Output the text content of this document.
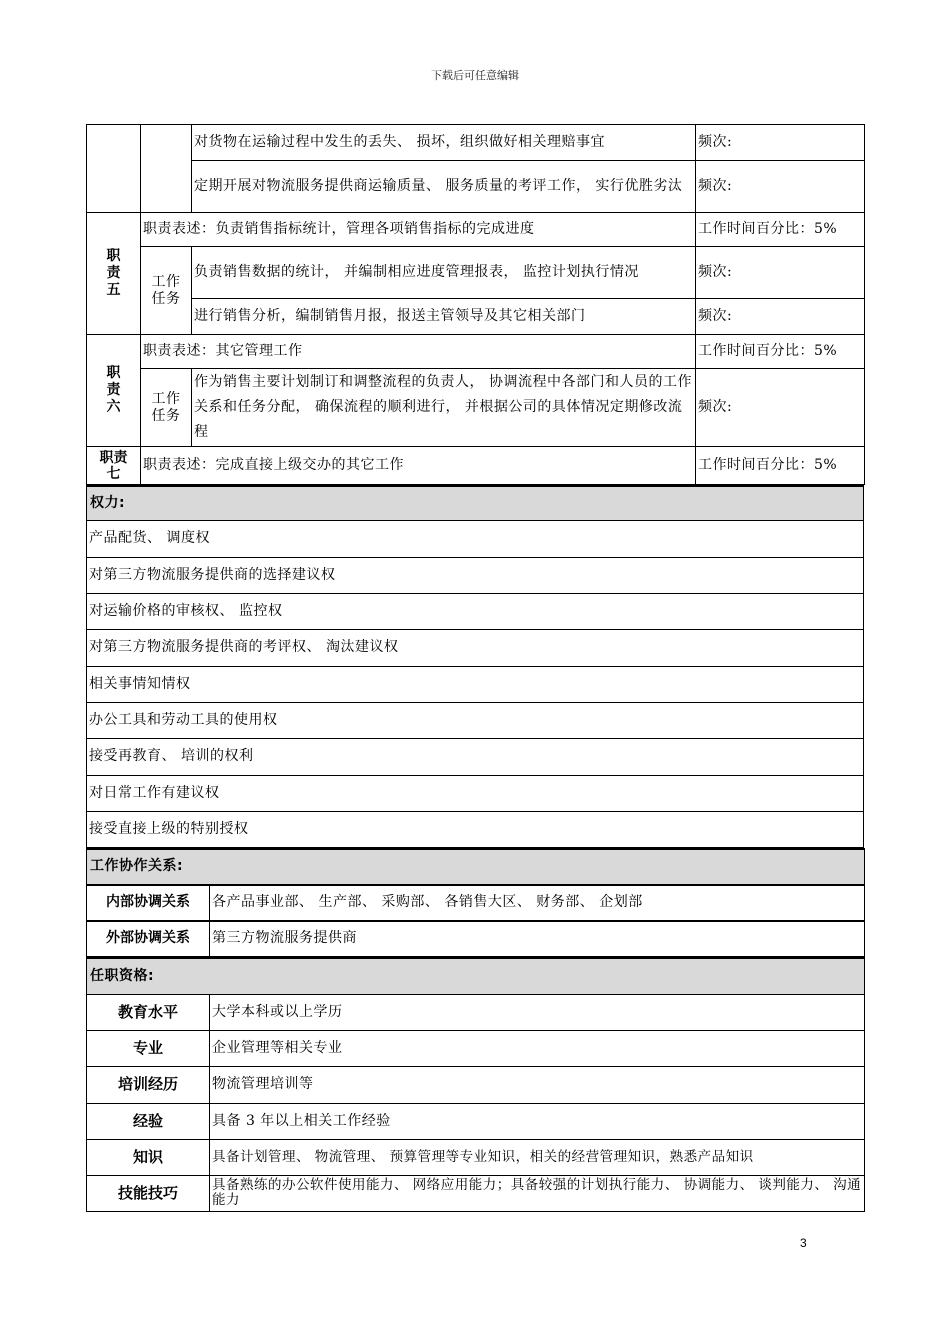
下载后可任意编辑
		对货物在运输过程中发生的丢失、 损坏，组织做好相关理赔事宜	频次:
		定期开展对物流服务提供商运输质量、 服务质量的考评工作， 实行优胜劣汰	频次:
职责五	职责表述：负责销售指标统计，管理各项销售指标的完成进度		工作时间百分比：5%
	工作任务	负责销售数据的统计， 并编制相应进度管理报表， 监控计划执行情况	频次:
		进行销售分析，编制销售月报，报送主管领导及其它相关部门	频次:
职责六	职责表述：其它管理工作		工作时间百分比：5%
	工作任务	作为销售主要计划制订和调整流程的负责人， 协调流程中各部门和人员的工作关系和任务分配， 确保流程的顺利进行， 并根据公司的具体情况定期修改流程	频次:
职责七	职责表述：完成直接上级交办的其它工作		工作时间百分比：5%
权力:
产品配货、 调度权
对第三方物流服务提供商的选择建议权
对运输价格的审核权、 监控权
对第三方物流服务提供商的考评权、 淘汰建议权
相关事情知情权
办公工具和劳动工具的使用权
接受再教育、 培训的权利
对日常工作有建议权
接受直接上级的特别授权
工作协作关系:	
内部协调关系	各产品事业部、 生产部、 采购部、 各销售大区、 财务部、 企划部
外部协调关系	第三方物流服务提供商
任职资格:	
教育水平	大学本科或以上学历
专业	企业管理等相关专业
培训经历	物流管理培训等
经验	具备 3 年以上相关工作经验
知识	具备计划管理、 物流管理、 预算管理等专业知识，相关的经营管理知识，熟悉产品知识
技能技巧	具备熟练的办公软件使用能力、 网络应用能力；具备较强的计划执行能力、 协调能力、 谈判能力、 沟通能力
3
